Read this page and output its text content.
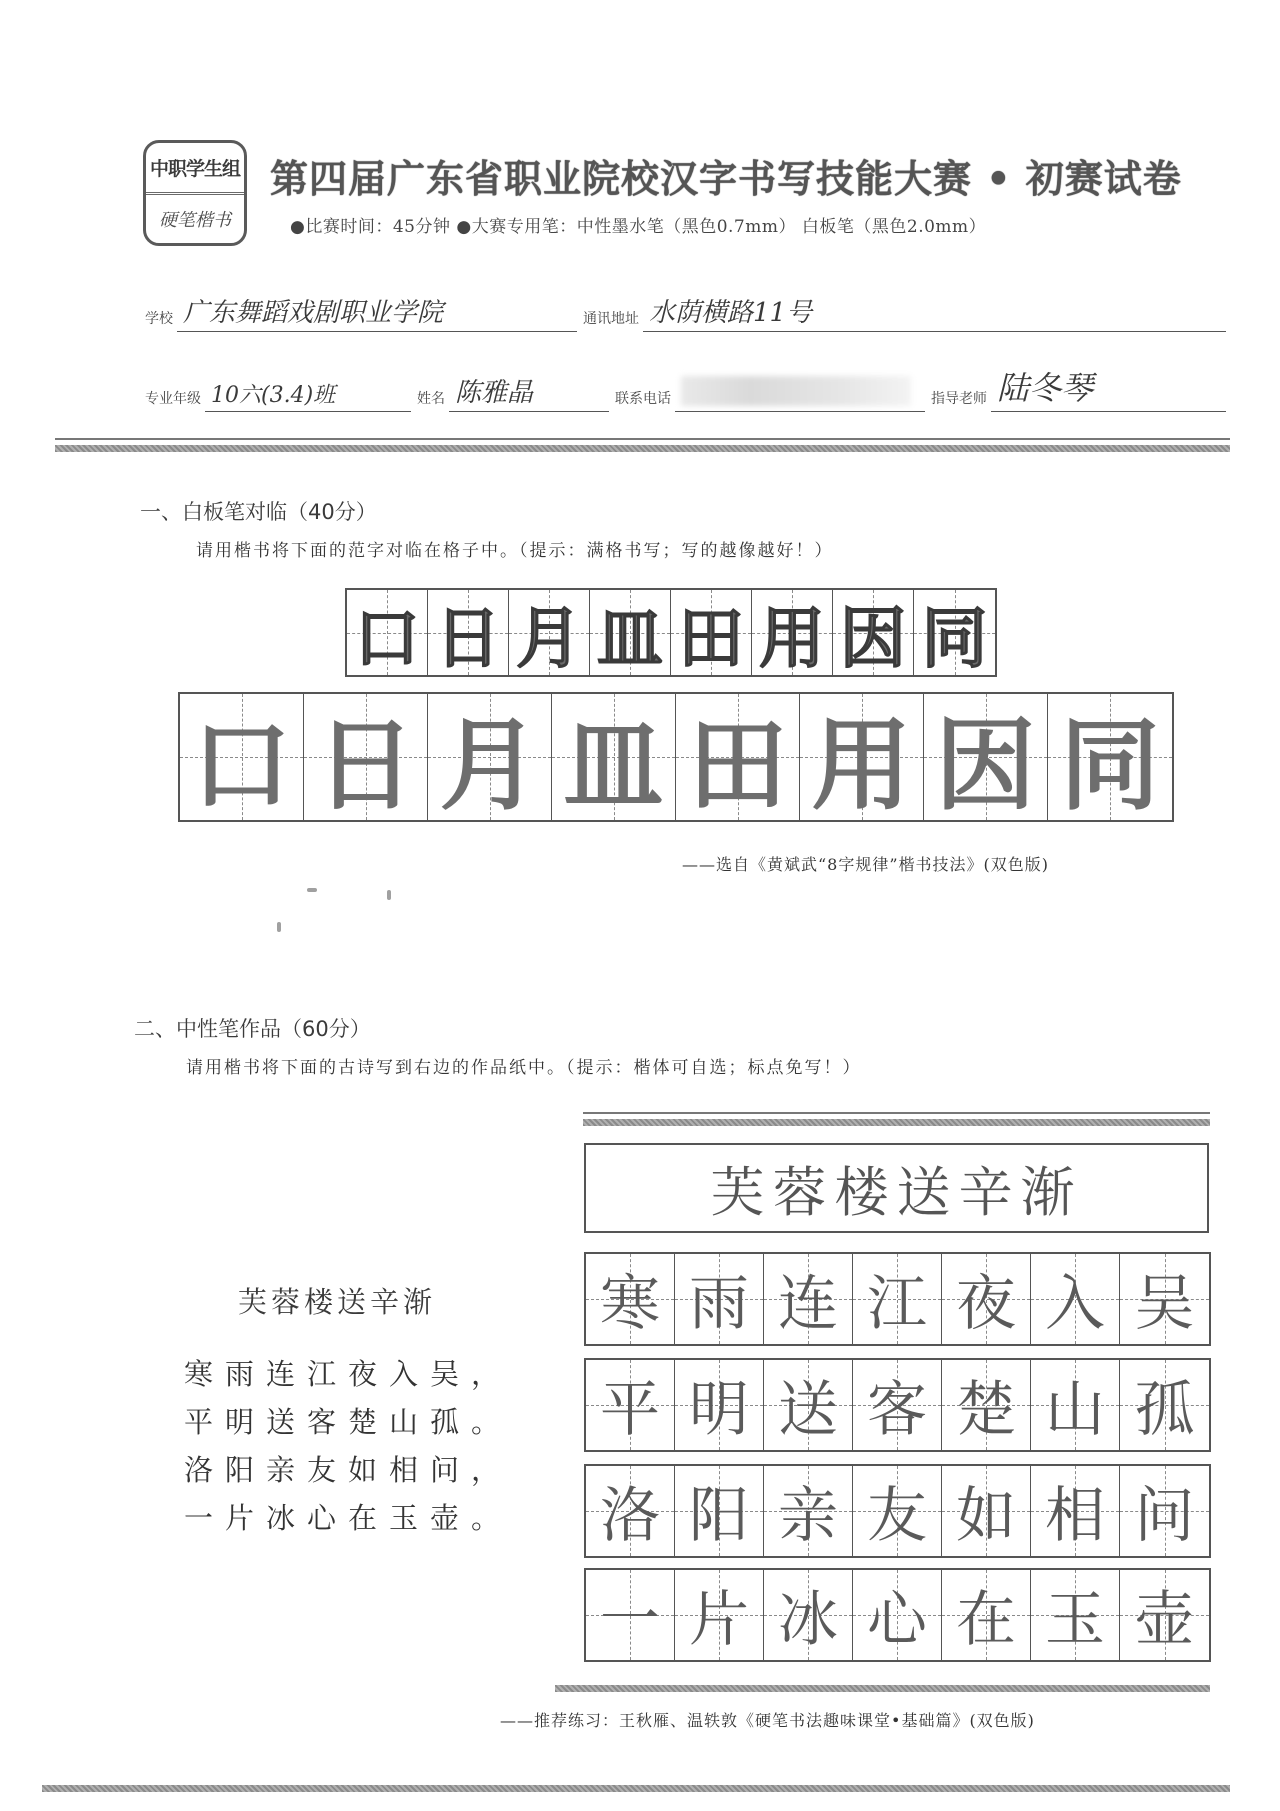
中职学生组
硬笔楷书
第四届广东省职业院校汉字书写技能大赛 • 初赛试卷
●比赛时间：45分钟 ●大赛专用笔：中性墨水笔（黑色0.7mm） 白板笔（黑色2.0mm）
学校 广东舞蹈戏剧职业学院	通讯地址 水荫横路11号
专业年级 10六(3.4)班	姓名 陈雅晶	联系电话	指导老师 陆冬琴
一、白板笔对临（40分）
请用楷书将下面的范字对临在格子中。（提示：满格书写；写的越像越好！）
口 日 月 皿 田 用 因 同
口 日 月 皿 田 用 因 同
——选自《黄斌武“8字规律”楷书技法》(双色版)
二、中性笔作品（60分）
请用楷书将下面的古诗写到右边的作品纸中。（提示：楷体可自选；标点免写！）
芙蓉楼送辛渐
寒雨连江夜入吴，
平明送客楚山孤。
洛阳亲友如相问，
一片冰心在玉壶。
芙蓉楼送辛渐
寒 雨 连 江 夜 入 吴
平 明 送 客 楚 山 孤
洛 阳 亲 友 如 相 问
一 片 冰 心 在 玉 壶
——推荐练习：王秋雁、温轶敦《硬笔书法趣味课堂•基础篇》(双色版)
